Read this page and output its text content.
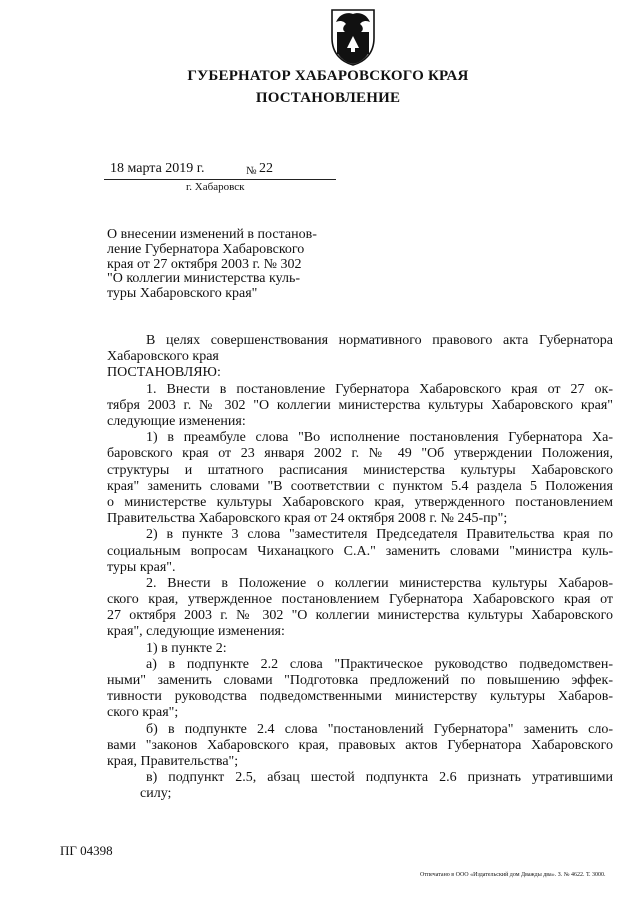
ГУБЕРНАТОР ХАБАРОВСКОГО КРАЯ
ПОСТАНОВЛЕНИЕ
18 марта 2019 г.	№ 22
г. Хабаровск
О внесении изменений в постанов-
ление Губернатора Хабаровского
края от 27 октября 2003 г. № 302
"О коллегии министерства куль-
туры Хабаровского края"
В целях совершенствования нормативного правового акта Губернатора
Хабаровского края
ПОСТАНОВЛЯЮ:
1. Внести в постановление Губернатора Хабаровского края от 27 ок-
тября 2003 г. № 302 "О коллегии министерства культуры Хабаровского края"
следующие изменения:
1) в преамбуле слова "Во исполнение постановления Губернатора Ха-
баровского края от 23 января 2002 г. № 49 "Об утверждении Положения,
структуры и штатного расписания министерства культуры Хабаровского
края" заменить словами "В соответствии с пунктом 5.4 раздела 5 Положения
о министерстве культуры Хабаровского края, утвержденного постановлением
Правительства Хабаровского края от 24 октября 2008 г. № 245-пр";
2) в пункте 3 слова "заместителя Председателя Правительства края по
социальным вопросам Чиханацкого С.А." заменить словами "министра куль-
туры края".
2. Внести в Положение о коллегии министерства культуры Хабаров-
ского края, утвержденное постановлением Губернатора Хабаровского края от
27 октября 2003 г. № 302 "О коллегии министерства культуры Хабаровского
края", следующие изменения:
1) в пункте 2:
а) в подпункте 2.2 слова "Практическое руководство подведомствен-
ными" заменить словами "Подготовка предложений по повышению эффек-
тивности руководства подведомственными министерству культуры Хабаров-
ского края";
б) в подпункте 2.4 слова "постановлений Губернатора" заменить сло-
вами "законов Хабаровского края, правовых актов Губернатора Хабаровского
края, Правительства";
в) подпункт 2.5, абзац шестой подпункта 2.6 признать утратившими
силу;
ПГ 04398
Отпечатано в ООО «Издательский дом Дважды два». З. № 4622. Т. 3000.
